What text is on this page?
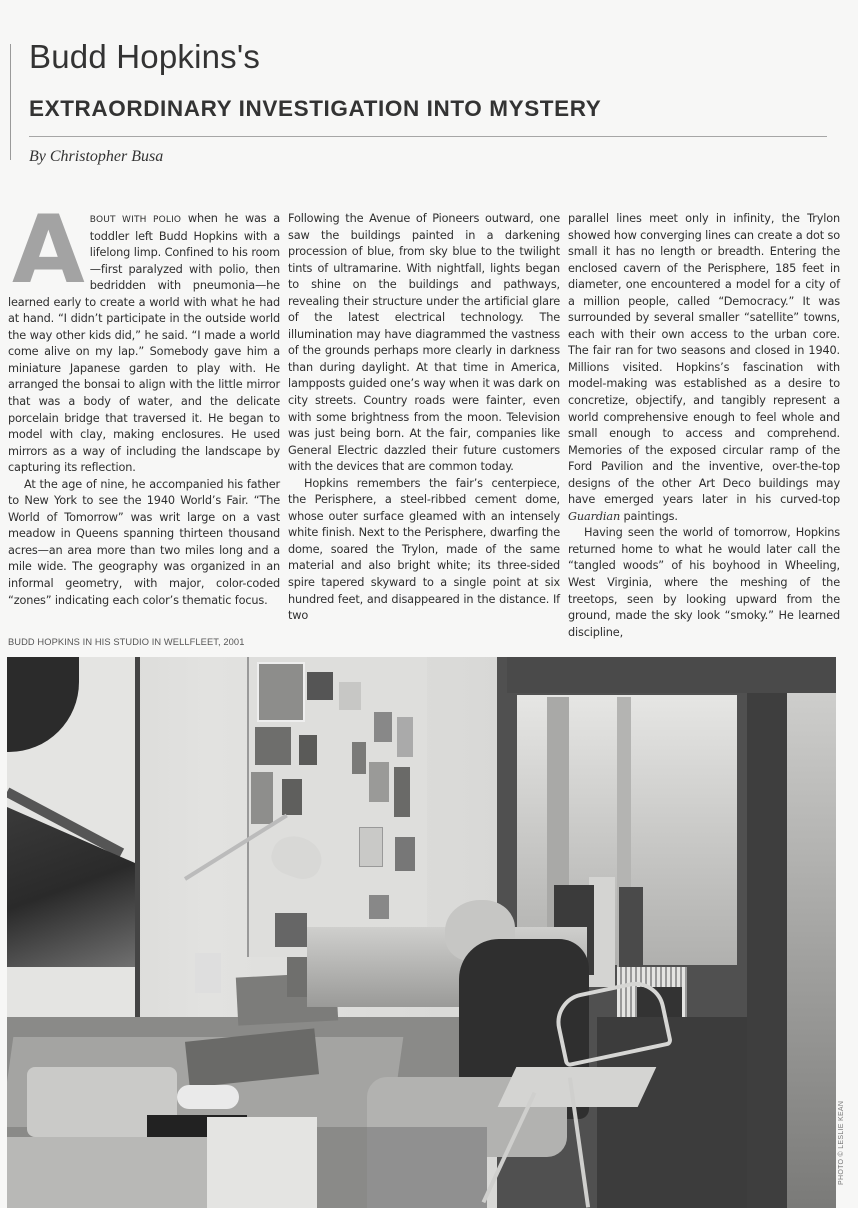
Budd Hopkins's
EXTRAORDINARY INVESTIGATION INTO MYSTERY
By Christopher Busa

ABOUT WITH POLIO when he was a toddler left Budd Hopkins with a lifelong limp. Confined to his room—first paralyzed with polio, then bedridden with pneumonia—he learned early to create a world with what he had at hand. “I didn’t participate in the outside world the way other kids did,” he said. “I made a world come alive on my lap.” Somebody gave him a miniature Japanese garden to play with. He arranged the bonsai to align with the little mirror that was a body of water, and the delicate porcelain bridge that traversed it. He began to model with clay, making enclosures. He used mirrors as a way of including the landscape by capturing its reflection.

At the age of nine, he accompanied his father to New York to see the 1940 World’s Fair. “The World of Tomorrow” was writ large on a vast meadow in Queens spanning thirteen thousand acres—an area more than two miles long and a mile wide. The geography was organized in an informal geometry, with major, color-coded “zones” indicating each color’s thematic focus.

Following the Avenue of Pioneers outward, one saw the buildings painted in a darkening procession of blue, from sky blue to the twilight tints of ultramarine. With nightfall, lights began to shine on the buildings and pathways, revealing their structure under the artificial glare of the latest electrical technology. The illumination may have diagrammed the vastness of the grounds perhaps more clearly in darkness than during daylight. At that time in America, lampposts guided one’s way when it was dark on city streets. Country roads were fainter, even with some brightness from the moon. Television was just being born. At the fair, companies like General Electric dazzled their future customers with the devices that are common today.

Hopkins remembers the fair’s centerpiece, the Perisphere, a steel-ribbed cement dome, whose outer surface gleamed with an intensely white finish. Next to the Perisphere, dwarfing the dome, soared the Trylon, made of the same material and also bright white; its three-sided spire tapered skyward to a single point at six hundred feet, and disappeared in the distance. If two

parallel lines meet only in infinity, the Trylon showed how converging lines can create a dot so small it has no length or breadth. Entering the enclosed cavern of the Perisphere, 185 feet in diameter, one encountered a model for a city of a million people, called “Democracy.” It was surrounded by several smaller “satellite” towns, each with their own access to the urban core. The fair ran for two seasons and closed in 1940. Millions visited. Hopkins’s fascination with model-making was established as a desire to concretize, objectify, and tangibly represent a world comprehensive enough to feel whole and small enough to access and comprehend. Memories of the exposed circular ramp of the Ford Pavilion and the inventive, over-the-top designs of the other Art Deco buildings may have emerged years later in his curved-top Guardian paintings.

Having seen the world of tomorrow, Hopkins returned home to what he would later call the “tangled woods” of his boyhood in Wheeling, West Virginia, where the meshing of the treetops, seen by looking upward from the ground, made the sky look “smoky.” He learned discipline,

BUDD HOPKINS IN HIS STUDIO IN WELLFLEET, 2001
PHOTO © LESLIE KEAN
